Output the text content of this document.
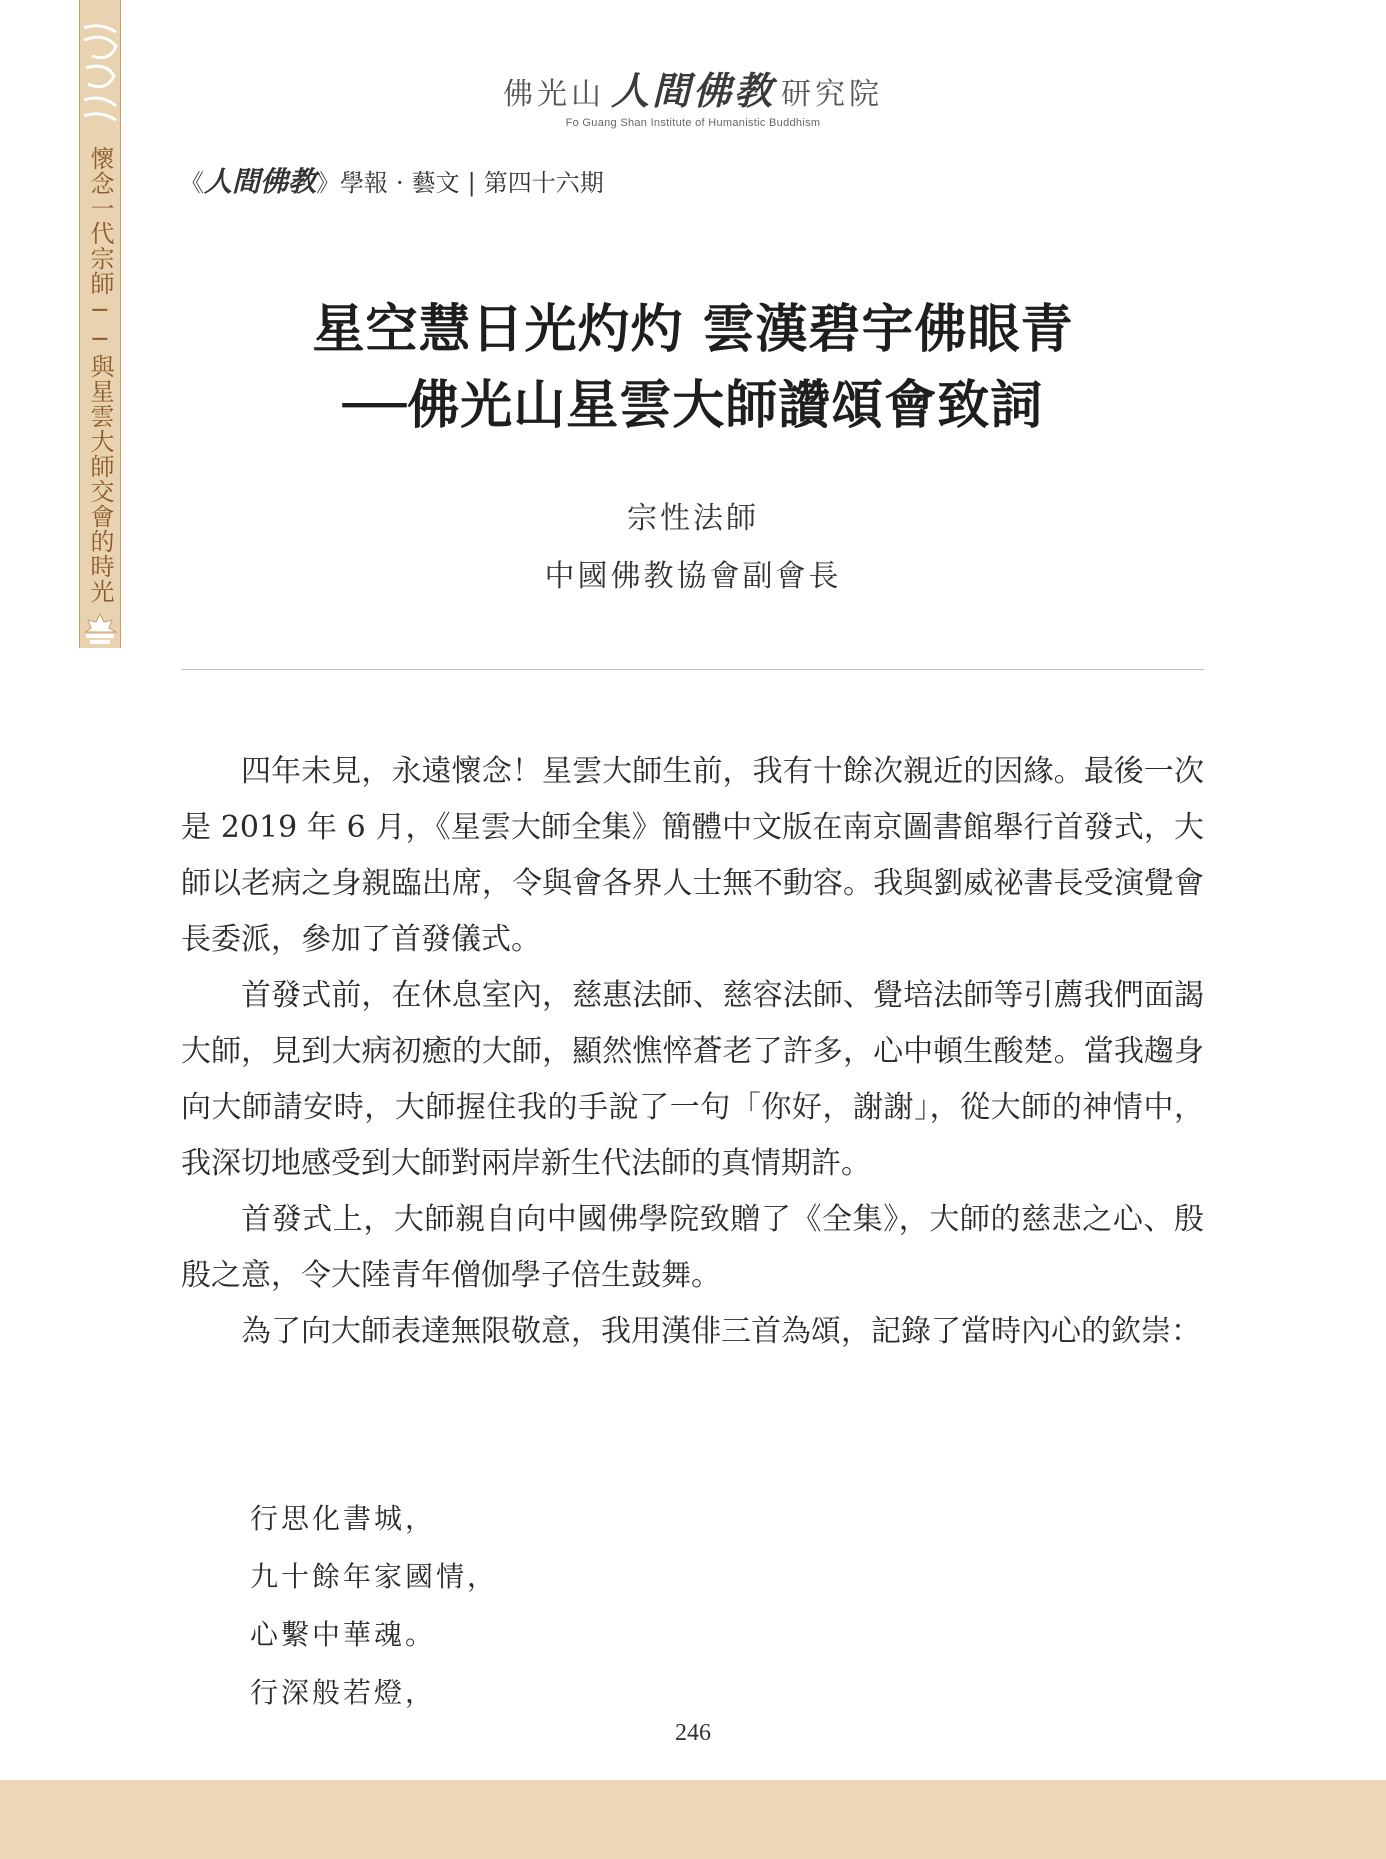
懷念一代宗師──與星雲大師交會的時光
佛光山 人間佛教 研究院
Fo Guang Shan Institute of Humanistic Buddhism
《人間佛教》學報 · 藝文 | 第四十六期
星空慧日光灼灼 雲漢碧宇佛眼青
──佛光山星雲大師讚頌會致詞
宗性法師
中國佛教協會副會長

四年未見，永遠懷念！星雲大師生前，我有十餘次親近的因緣。最後一次是 2019 年 6 月，《星雲大師全集》簡體中文版在南京圖書館舉行首發式，大師以老病之身親臨出席，令與會各界人士無不動容。我與劉威祕書長受演覺會長委派，參加了首發儀式。

首發式前，在休息室內，慈惠法師、慈容法師、覺培法師等引薦我們面謁大師，見到大病初癒的大師，顯然憔悴蒼老了許多，心中頓生酸楚。當我趨身向大師請安時，大師握住我的手說了一句「你好，謝謝」，從大師的神情中，我深切地感受到大師對兩岸新生代法師的真情期許。

首發式上，大師親自向中國佛學院致贈了《全集》，大師的慈悲之心、殷殷之意，令大陸青年僧伽學子倍生鼓舞。

為了向大師表達無限敬意，我用漢俳三首為頌，記錄了當時內心的欽崇：

行思化書城，
九十餘年家國情，
心繫中華魂。
行深般若燈，
246
